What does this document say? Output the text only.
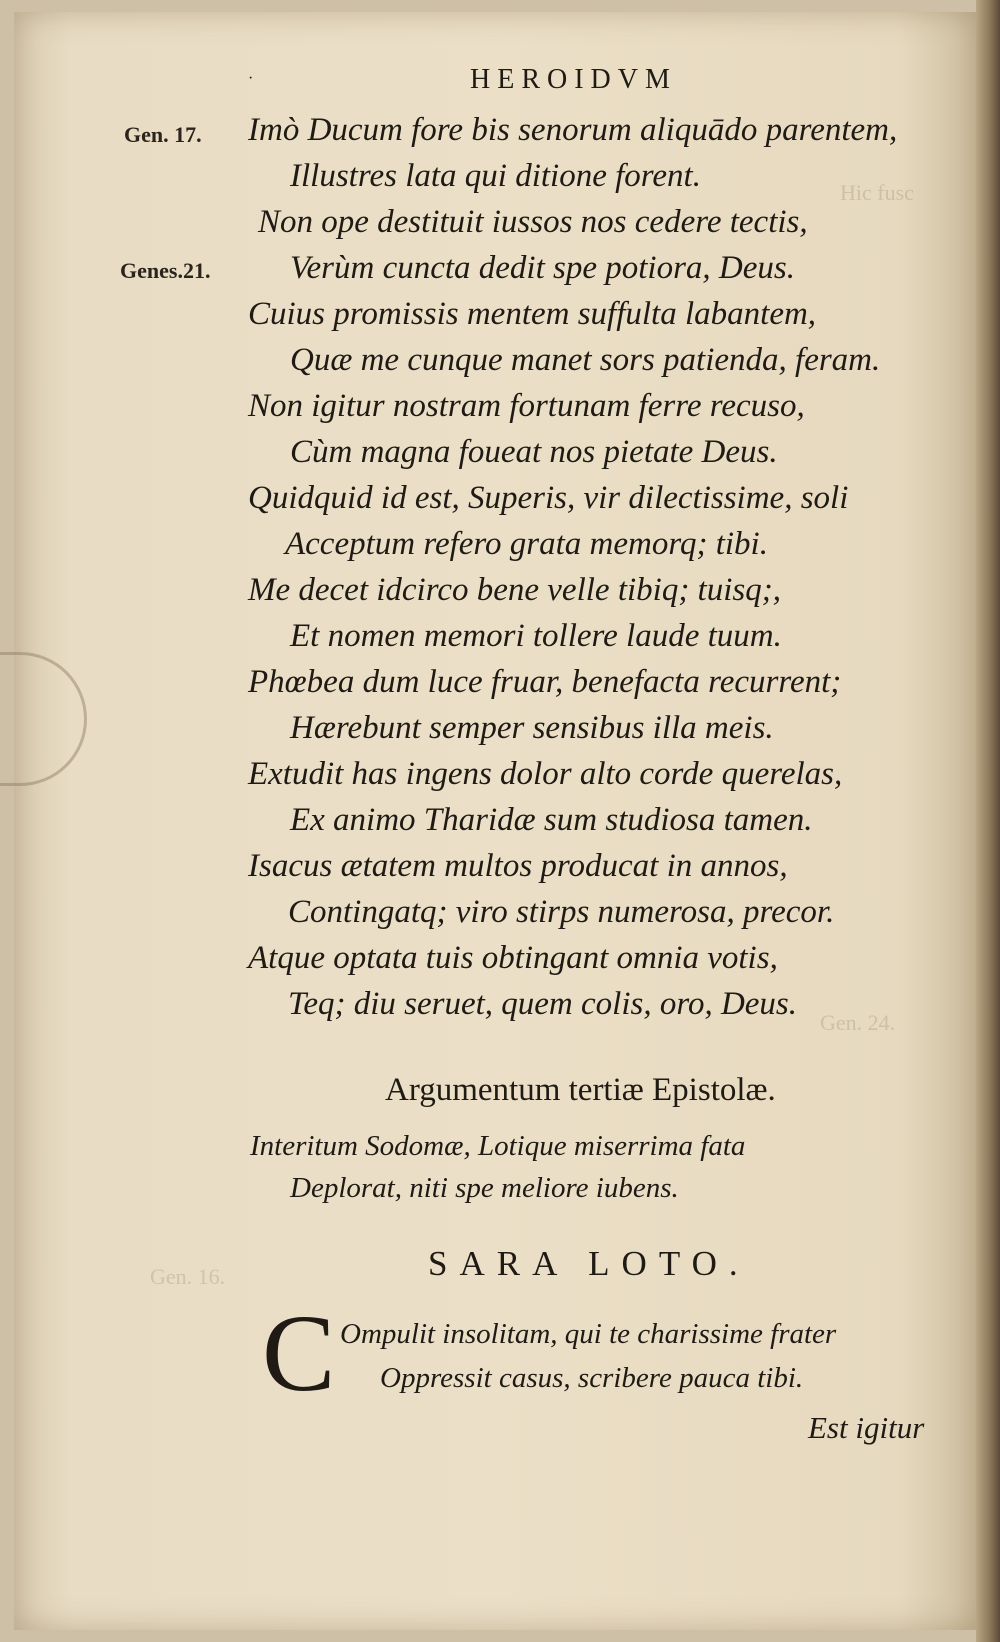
Hic fusc
Gen. 24.
Gen. 16.
·	HEROIDVM
Gen. 17.
Genes.21.
Imò Ducum fore bis senorum aliquādo parentem,
Illustres lata qui ditione forent.
Non ope destituit iussos nos cedere tectis,
Verùm cuncta dedit spe potiora, Deus.
Cuius promissis mentem suffulta labantem,
Quæ me cunque manet sors patienda, feram.
Non igitur nostram fortunam ferre recuso,
Cùm magna foueat nos pietate Deus.
Quidquid id est, Superis, vir dilectissime, soli
Acceptum refero grata memorq; tibi.
Me decet idcirco bene velle tibiq; tuisq;,
Et nomen memori tollere laude tuum.
Phœbea dum luce fruar, benefacta recurrent;
Hærebunt semper sensibus illa meis.
Extudit has ingens dolor alto corde querelas,
Ex animo Tharidæ sum studiosa tamen.
Isacus ætatem multos producat in annos,
Contingatq; viro stirps numerosa, precor.
Atque optata tuis obtingant omnia votis,
Teq; diu seruet, quem colis, oro, Deus.
Argumentum tertiæ Epistolæ.
Interitum Sodomæ, Lotique miserrima fata
Deplorat, niti spe meliore iubens.
SARA LOTO.
C Ompulit insolitam, qui te charissime frater
Oppressit casus, scribere pauca tibi.
Est igitur
